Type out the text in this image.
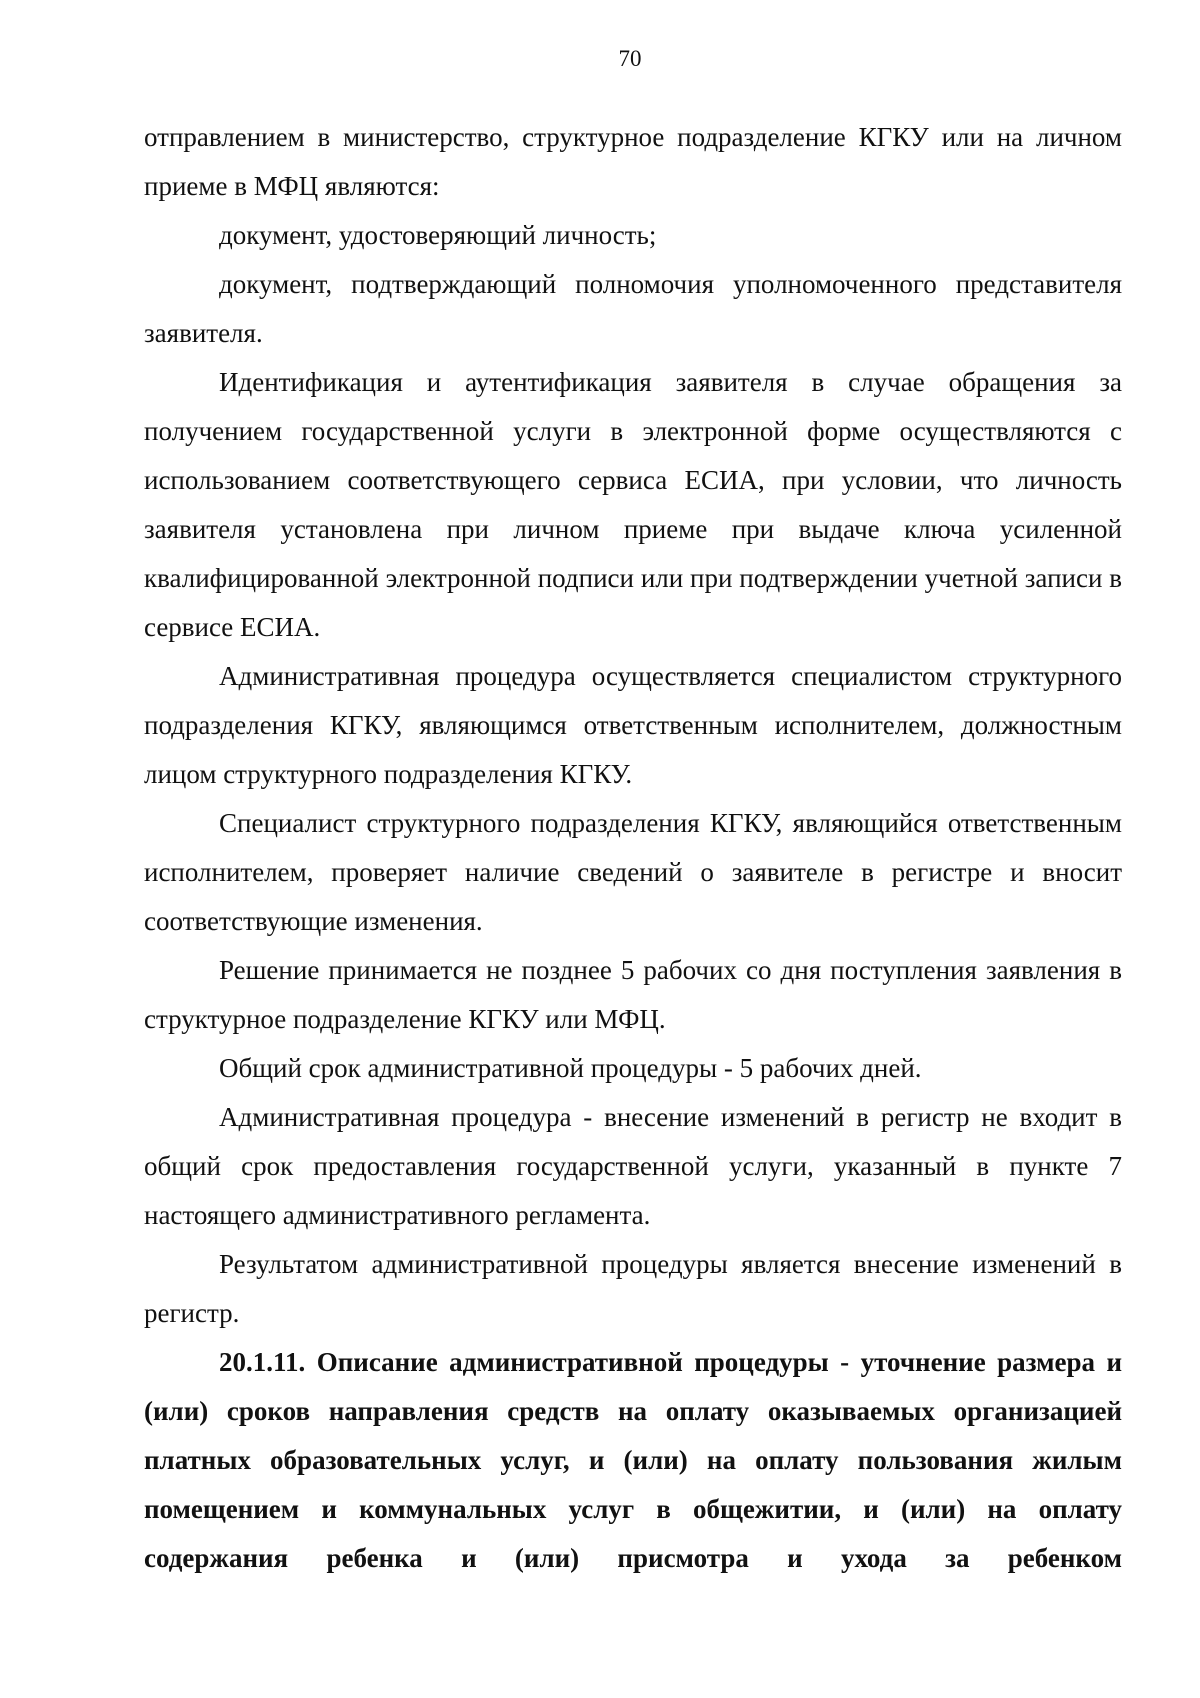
70

отправлением в министерство, структурное подразделение КГКУ или на личном приеме в МФЦ являются:

документ, удостоверяющий личность;

документ, подтверждающий полномочия уполномоченного представителя заявителя.

Идентификация и аутентификация заявителя в случае обращения за получением государственной услуги в электронной форме осуществляются с использованием соответствующего сервиса ЕСИА, при условии, что личность заявителя установлена при личном приеме при выдаче ключа усиленной квалифицированной электронной подписи или при подтверждении учетной записи в сервисе ЕСИА.

Административная процедура осуществляется специалистом структурного подразделения КГКУ, являющимся ответственным исполнителем, должностным лицом структурного подразделения КГКУ.

Специалист структурного подразделения КГКУ, являющийся ответственным исполнителем, проверяет наличие сведений о заявителе в регистре и вносит соответствующие изменения.

Решение принимается не позднее 5 рабочих со дня поступления заявления в структурное подразделение КГКУ или МФЦ.

Общий срок административной процедуры - 5 рабочих дней.

Административная процедура - внесение изменений в регистр не входит в общий срок предоставления государственной услуги, указанный в пункте 7 настоящего административного регламента.

Результатом административной процедуры является внесение изменений в регистр.

20.1.11. Описание административной процедуры - уточнение размера и (или) сроков направления средств на оплату оказываемых организацией платных образовательных услуг, и (или) на оплату пользования жилым помещением и коммунальных услуг в общежитии, и (или) на оплату содержания ребенка и (или) присмотра и ухода за ребенком
